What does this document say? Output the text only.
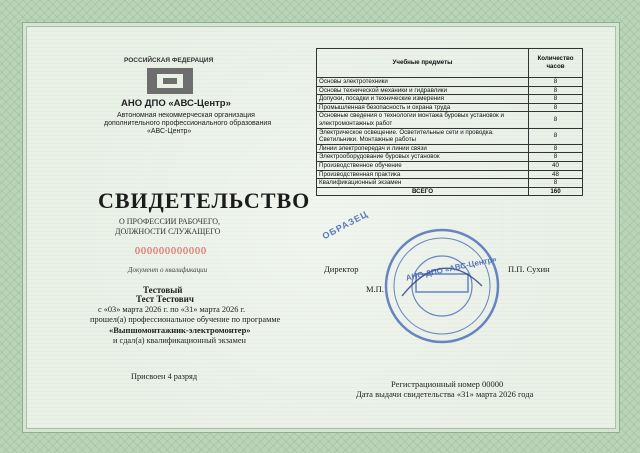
РОССИЙСКАЯ ФЕДЕРАЦИЯ
АНО ДПО «АВС-Центр»
Автономная некоммерческая организация
дополнительного профессионального образования
«АВС-Центр»
СВИДЕТЕЛЬСТВО
О ПРОФЕССИИ РАБОЧЕГО,
ДОЛЖНОСТИ СЛУЖАЩЕГО
000000000000
Документ о квалификации
Тестовый
Тест Тестович
с «03» марта 2026 г. по «31» марта 2026 г.
прошел(а) профессиональное обучение по программе
«Выпшомонтажник-электромонтер»
и сдал(а) квалификационный экзамен
Присвоен 4 разряд
Учебные предметы	Количество часов
Основы электротехники	8
Основы технической механики и гидравлики	8
Допуски, посадки и технические измерения	8
Промышленная безопасность и охрана труда	8
Основные сведения о технологии монтажа буровых установок и электромонтажных работ	8
Электрическое освещение. Осветительные сети и проводка. Светильники. Монтажные работы	8
Линии электропередач и линии связи	8
Электрооборудование буровых установок	8
Производственное обучение	40
Производственная практика	48
Квалификационный экзамен	8
ВСЕГО	160
ОБРАЗЕЦ
АНО ДПО «АВС-Центр»
Директор	П.П. Сухин
М.П.
Регистрационный номер 00000
Дата выдачи свидетельства «31» марта 2026 года
